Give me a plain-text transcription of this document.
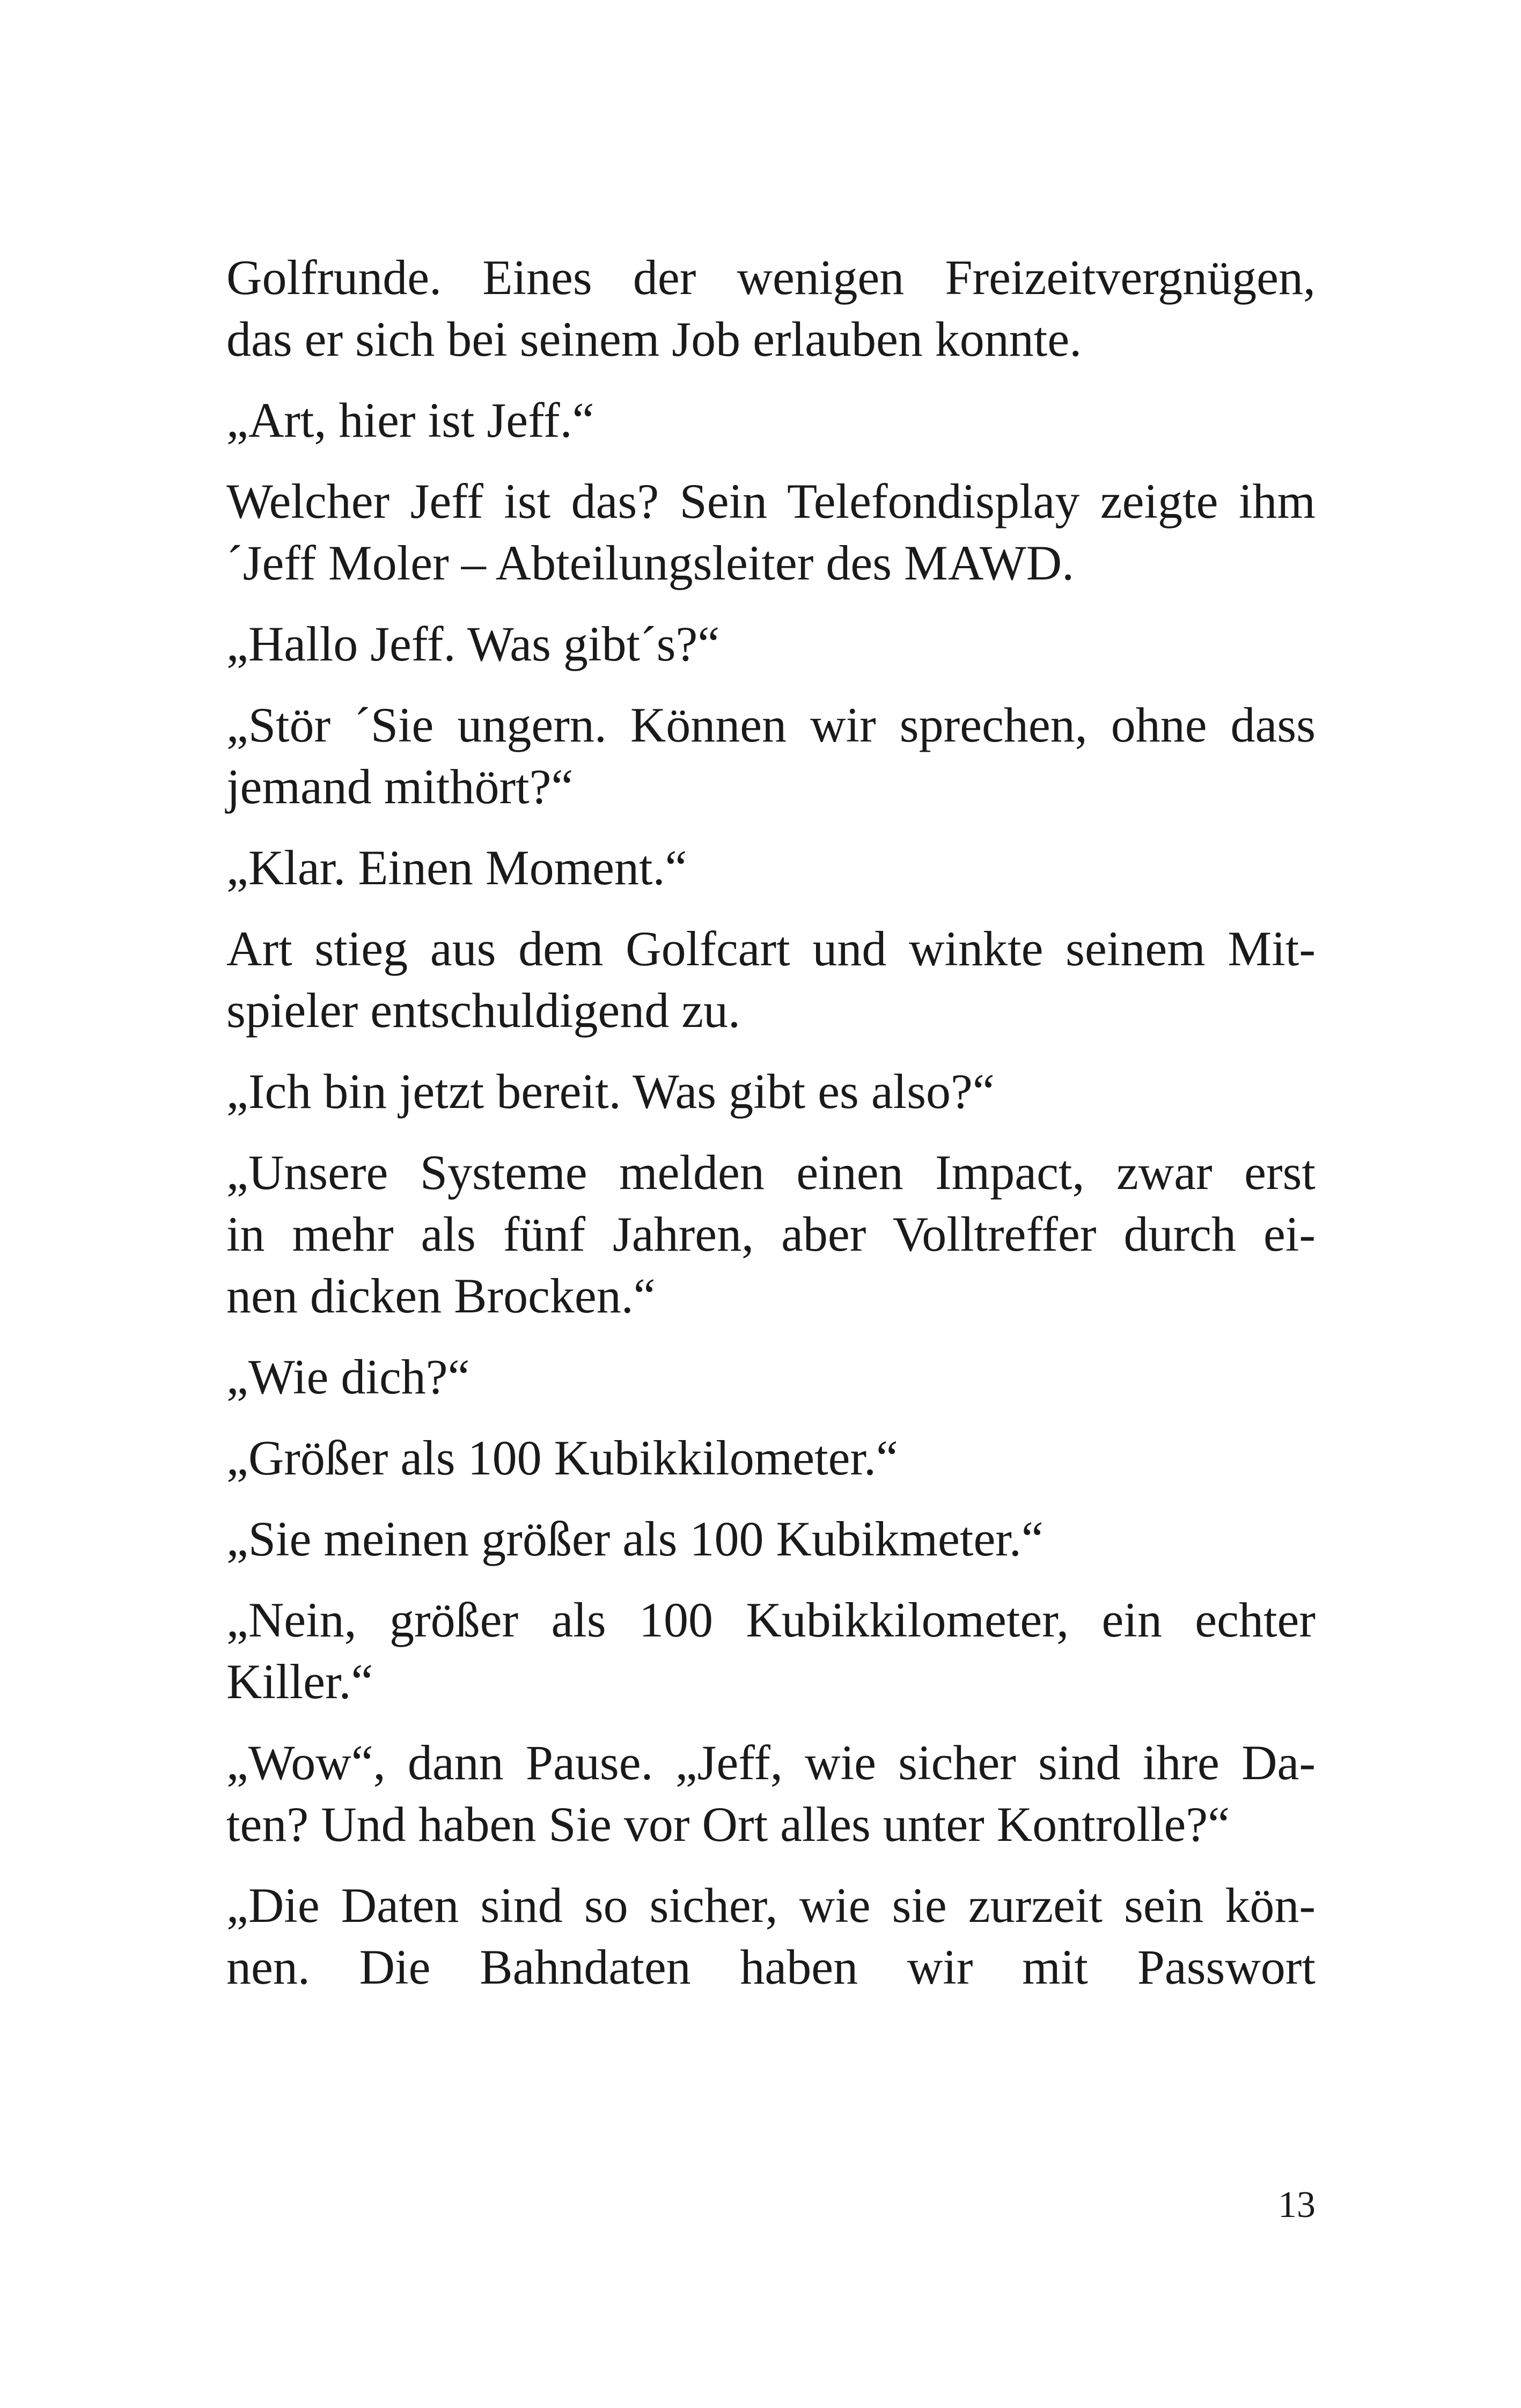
Golfrunde. Eines der wenigen Freizeitvergnügen,
das er sich bei seinem Job erlauben konnte.

„Art, hier ist Jeff.“

Welcher Jeff ist das? Sein Telefondisplay zeigte ihm
´Jeff Moler – Abteilungsleiter des MAWD.

„Hallo Jeff. Was gibt´s?“

„Stör ´Sie ungern. Können wir sprechen, ohne dass
jemand mithört?“

„Klar. Einen Moment.“

Art stieg aus dem Golfcart und winkte seinem Mit-
spieler entschuldigend zu.

„Ich bin jetzt bereit. Was gibt es also?“

„Unsere Systeme melden einen Impact, zwar erst
in mehr als fünf Jahren, aber Volltreffer durch ei-
nen dicken Brocken.“

„Wie dich?“

„Größer als 100 Kubikkilometer.“

„Sie meinen größer als 100 Kubikmeter.“

„Nein, größer als 100 Kubikkilometer, ein echter
Killer.“

„Wow“, dann Pause. „Jeff, wie sicher sind ihre Da-
ten? Und haben Sie vor Ort alles unter Kontrolle?“

„Die Daten sind so sicher, wie sie zurzeit sein kön-
nen. Die Bahndaten haben wir mit Passwort

13
